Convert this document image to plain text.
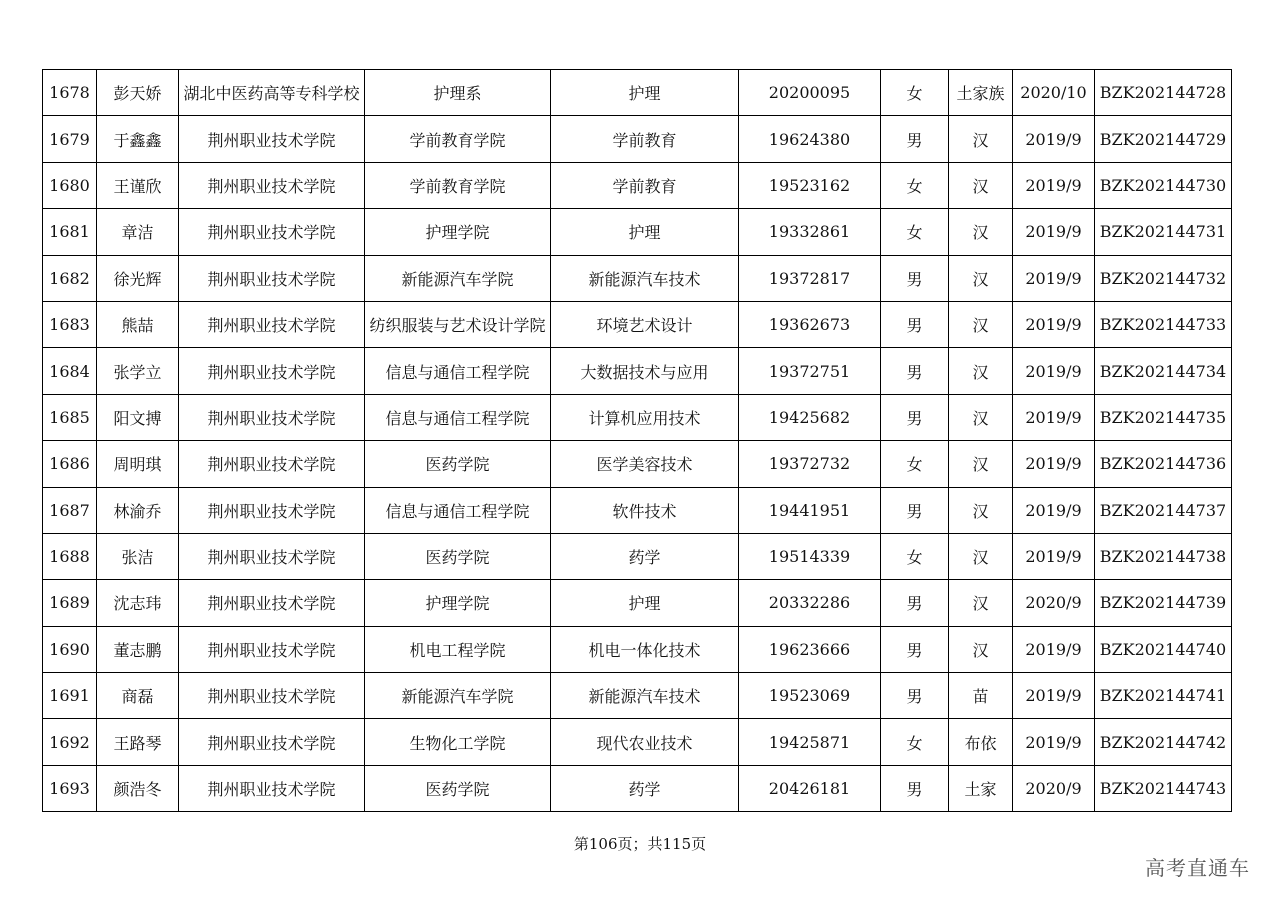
1678	彭天娇	湖北中医药高等专科学校	护理系	护理	20200095	女	土家族	2020/10	BZK202144728
1679	于鑫鑫	荆州职业技术学院	学前教育学院	学前教育	19624380	男	汉	2019/9	BZK202144729
1680	王谨欣	荆州职业技术学院	学前教育学院	学前教育	19523162	女	汉	2019/9	BZK202144730
1681	章洁	荆州职业技术学院	护理学院	护理	19332861	女	汉	2019/9	BZK202144731
1682	徐光辉	荆州职业技术学院	新能源汽车学院	新能源汽车技术	19372817	男	汉	2019/9	BZK202144732
1683	熊喆	荆州职业技术学院	纺织服装与艺术设计学院	环境艺术设计	19362673	男	汉	2019/9	BZK202144733
1684	张学立	荆州职业技术学院	信息与通信工程学院	大数据技术与应用	19372751	男	汉	2019/9	BZK202144734
1685	阳文搏	荆州职业技术学院	信息与通信工程学院	计算机应用技术	19425682	男	汉	2019/9	BZK202144735
1686	周明琪	荆州职业技术学院	医药学院	医学美容技术	19372732	女	汉	2019/9	BZK202144736
1687	林渝乔	荆州职业技术学院	信息与通信工程学院	软件技术	19441951	男	汉	2019/9	BZK202144737
1688	张洁	荆州职业技术学院	医药学院	药学	19514339	女	汉	2019/9	BZK202144738
1689	沈志玮	荆州职业技术学院	护理学院	护理	20332286	男	汉	2020/9	BZK202144739
1690	董志鹏	荆州职业技术学院	机电工程学院	机电一体化技术	19623666	男	汉	2019/9	BZK202144740
1691	商磊	荆州职业技术学院	新能源汽车学院	新能源汽车技术	19523069	男	苗	2019/9	BZK202144741
1692	王路琴	荆州职业技术学院	生物化工学院	现代农业技术	19425871	女	布依	2019/9	BZK202144742
1693	颜浩冬	荆州职业技术学院	医药学院	药学	20426181	男	土家	2020/9	BZK202144743
第106页；共115页
高考直通车
